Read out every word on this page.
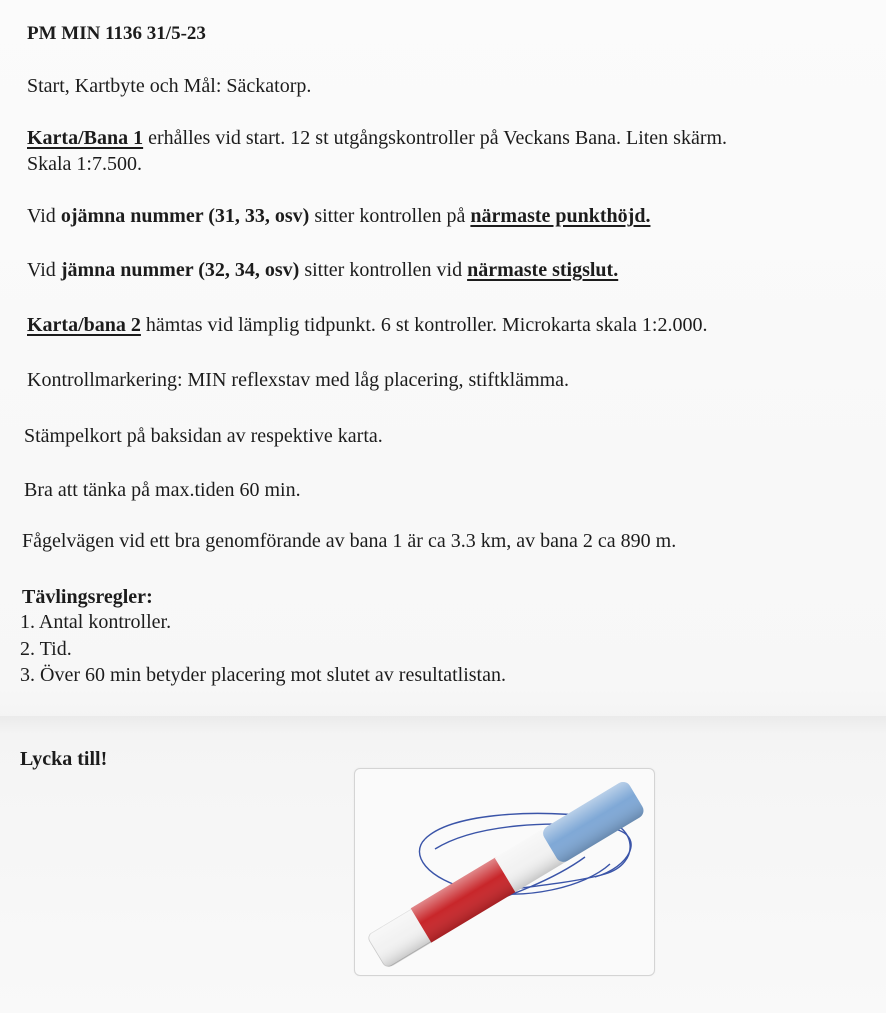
PM MIN 1136 31/5-23
Start, Kartbyte och Mål: Säckatorp.
Karta/Bana 1 erhålles vid start. 12 st utgångskontroller på Veckans Bana. Liten skärm.
Skala 1:7.500.
Vid ojämna nummer (31, 33, osv) sitter kontrollen på närmaste punkthöjd.
Vid jämna nummer (32, 34, osv) sitter kontrollen vid närmaste stigslut.
Karta/bana 2 hämtas vid lämplig tidpunkt. 6 st kontroller. Microkarta skala 1:2.000.
Kontrollmarkering: MIN reflexstav med låg placering, stiftklämma.
Stämpelkort på baksidan av respektive karta.
Bra att tänka på max.tiden 60 min.
Fågelvägen vid ett bra genomförande av bana 1 är ca 3.3 km, av bana 2 ca 890 m.
Tävlingsregler:
1. Antal kontroller.
2. Tid.
3. Över 60 min betyder placering mot slutet av resultatlistan.
Lycka till!
